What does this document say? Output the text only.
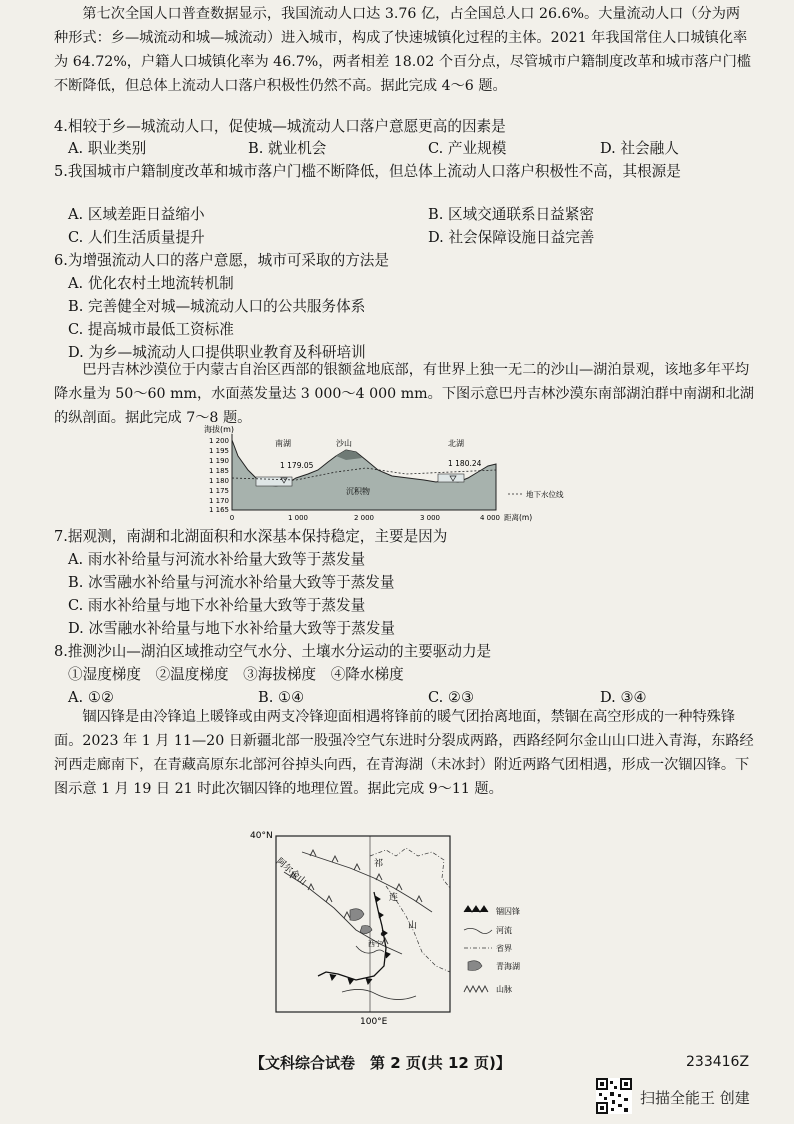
第七次全国人口普查数据显示，我国流动人口达 3.76 亿，占全国总人口 26.6%。大量流动人口（分为两种形式：乡—城流动和城—城流动）进入城市，构成了快速城镇化过程的主体。2021 年我国常住人口城镇化率为 64.72%，户籍人口城镇化率为 46.7%，两者相差 18.02 个百分点，尽管城市户籍制度改革和城市落户门槛不断降低，但总体上流动人口落户积极性仍然不高。据此完成 4～6 题。

4.相较于乡—城流动人口，促使城—城流动人口落户意愿更高的因素是

A. 职业类别	B. 就业机会	C. 产业规模	D. 社会融人

5.我国城市户籍制度改革和城市落户门槛不断降低，但总体上流动人口落户积极性不高，其根源是

A. 区域差距日益缩小	B. 区域交通联系日益紧密
C. 人们生活质量提升	D. 社会保障设施日益完善

6.为增强流动人口的落户意愿，城市可采取的方法是

A. 优化农村土地流转机制
B. 完善健全对城—城流动人口的公共服务体系
C. 提高城市最低工资标准
D. 为乡—城流动人口提供职业教育及科研培训

巴丹吉林沙漠位于内蒙古自治区西部的银额盆地底部，有世界上独一无二的沙山—湖泊景观，该地多年平均降水量为 50～60 mm，水面蒸发量达 3 000～4 000 mm。下图示意巴丹吉林沙漠东南部湖泊群中南湖和北湖的纵剖面。据此完成 7～8 题。

海拔(m)
1 200
1 195
1 190
1 185
1 180
1 175
1 170
1 165
南湖	沙山	北湖
1 179.05	1 180.24
沉积物
0	1 000	2 000	3 000	4 000 距离(m)
地下水位线

7.据观测，南湖和北湖面积和水深基本保持稳定，主要是因为

A. 雨水补给量与河流水补给量大致等于蒸发量
B. 冰雪融水补给量与河流水补给量大致等于蒸发量
C. 雨水补给量与地下水补给量大致等于蒸发量
D. 冰雪融水补给量与地下水补给量大致等于蒸发量

8.推测沙山—湖泊区域推动空气水分、土壤水分运动的主要驱动力是

①湿度梯度　②温度梯度　③海拔梯度　④降水梯度
A. ①②	B. ①④	C. ②③	D. ③④

锢囚锋是由冷锋追上暖锋或由两支冷锋迎面相遇将锋前的暖气团抬离地面，禁锢在高空形成的一种特殊锋面。2023 年 1 月 11—20 日新疆北部一股强冷空气东进时分裂成两路，西路经阿尔金山山口进入青海，东路经河西走廊南下，在青藏高原东北部河谷掉头向西，在青海湖（未冰封）附近两路气团相遇，形成一次锢囚锋。下图示意 1 月 19 日 21 时此次锢囚锋的地理位置。据此完成 9～11 题。

40°N
100°E
阿尔金山	祁
连
山
西宁
锢囚锋
河流
省界
青海湖
山脉
【文科综合试卷　第 2 页(共 12 页)】	233416Z
扫描全能王 创建
